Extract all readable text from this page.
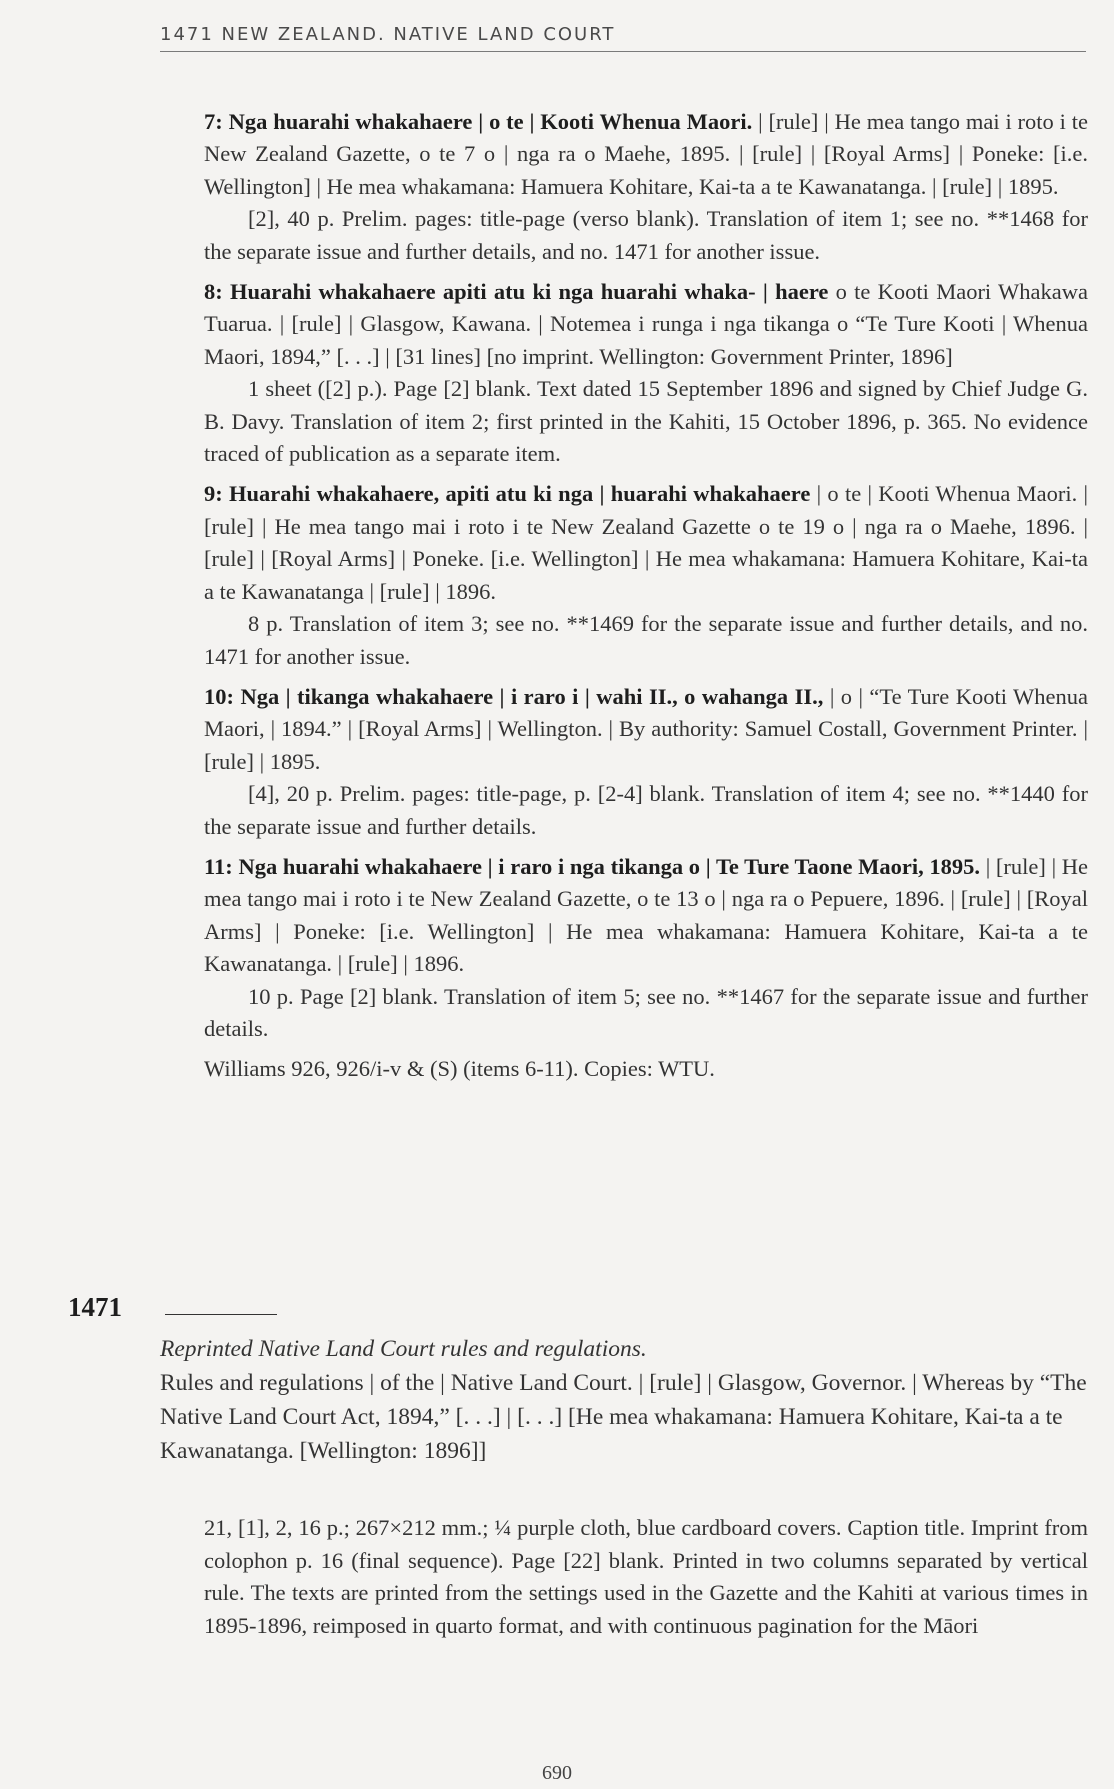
1471 NEW ZEALAND. NATIVE LAND COURT
7: Nga huarahi whakahaere | o te | Kooti Whenua Maori. | [rule] | He mea tango mai i roto i te New Zealand Gazette, o te 7 o | nga ra o Maehe, 1895. | [rule] | [Royal Arms] | Poneke: [i.e. Wellington] | He mea whakamana: Hamuera Kohitare, Kai-ta a te Kawanatanga. | [rule] | 1895.
[2], 40 p. Prelim. pages: title-page (verso blank). Translation of item 1; see no. **1468 for the separate issue and further details, and no. 1471 for another issue.
8: Huarahi whakahaere apiti atu ki nga huarahi whaka- | haere o te Kooti Maori Whakawa Tuarua. | [rule] | Glasgow, Kawana. | Notemea i runga i nga tikanga o “Te Ture Kooti | Whenua Maori, 1894,” [. . .] | [31 lines] [no imprint. Wellington: Government Printer, 1896]
1 sheet ([2] p.). Page [2] blank. Text dated 15 September 1896 and signed by Chief Judge G. B. Davy. Translation of item 2; first printed in the Kahiti, 15 October 1896, p. 365. No evidence traced of publication as a separate item.
9: Huarahi whakahaere, apiti atu ki nga | huarahi whakahaere | o te | Kooti Whenua Maori. | [rule] | He mea tango mai i roto i te New Zealand Gazette o te 19 o | nga ra o Maehe, 1896. | [rule] | [Royal Arms] | Poneke. [i.e. Wellington] | He mea whakamana: Hamuera Kohitare, Kai-ta a te Kawanatanga | [rule] | 1896.
8 p. Translation of item 3; see no. **1469 for the separate issue and further details, and no. 1471 for another issue.
10: Nga | tikanga whakahaere | i raro i | wahi II., o wahanga II., | o | “Te Ture Kooti Whenua Maori, | 1894.” | [Royal Arms] | Wellington. | By authority: Samuel Costall, Government Printer. | [rule] | 1895.
[4], 20 p. Prelim. pages: title-page, p. [2-4] blank. Translation of item 4; see no. **1440 for the separate issue and further details.
11: Nga huarahi whakahaere | i raro i nga tikanga o | Te Ture Taone Maori, 1895. | [rule] | He mea tango mai i roto i te New Zealand Gazette, o te 13 o | nga ra o Pepuere, 1896. | [rule] | [Royal Arms] | Poneke: [i.e. Wellington] | He mea whakamana: Hamuera Kohitare, Kai-ta a te Kawanatanga. | [rule] | 1896.
10 p. Page [2] blank. Translation of item 5; see no. **1467 for the separate issue and further details.
Williams 926, 926/i-v & (S) (items 6-11). Copies: WTU.
1471
Reprinted Native Land Court rules and regulations.
Rules and regulations | of the | Native Land Court. | [rule] | Glasgow, Governor. | Whereas by “The Native Land Court Act, 1894,” [. . .] | [. . .] [He mea whakamana: Hamuera Kohitare, Kai-ta a te Kawanatanga. [Wellington: 1896]]
21, [1], 2, 16 p.; 267×212 mm.; ¼ purple cloth, blue cardboard covers. Caption title. Imprint from colophon p. 16 (final sequence). Page [22] blank. Printed in two columns separated by vertical rule. The texts are printed from the settings used in the Gazette and the Kahiti at various times in 1895-1896, reimposed in quarto format, and with continuous pagination for the Māori
690
